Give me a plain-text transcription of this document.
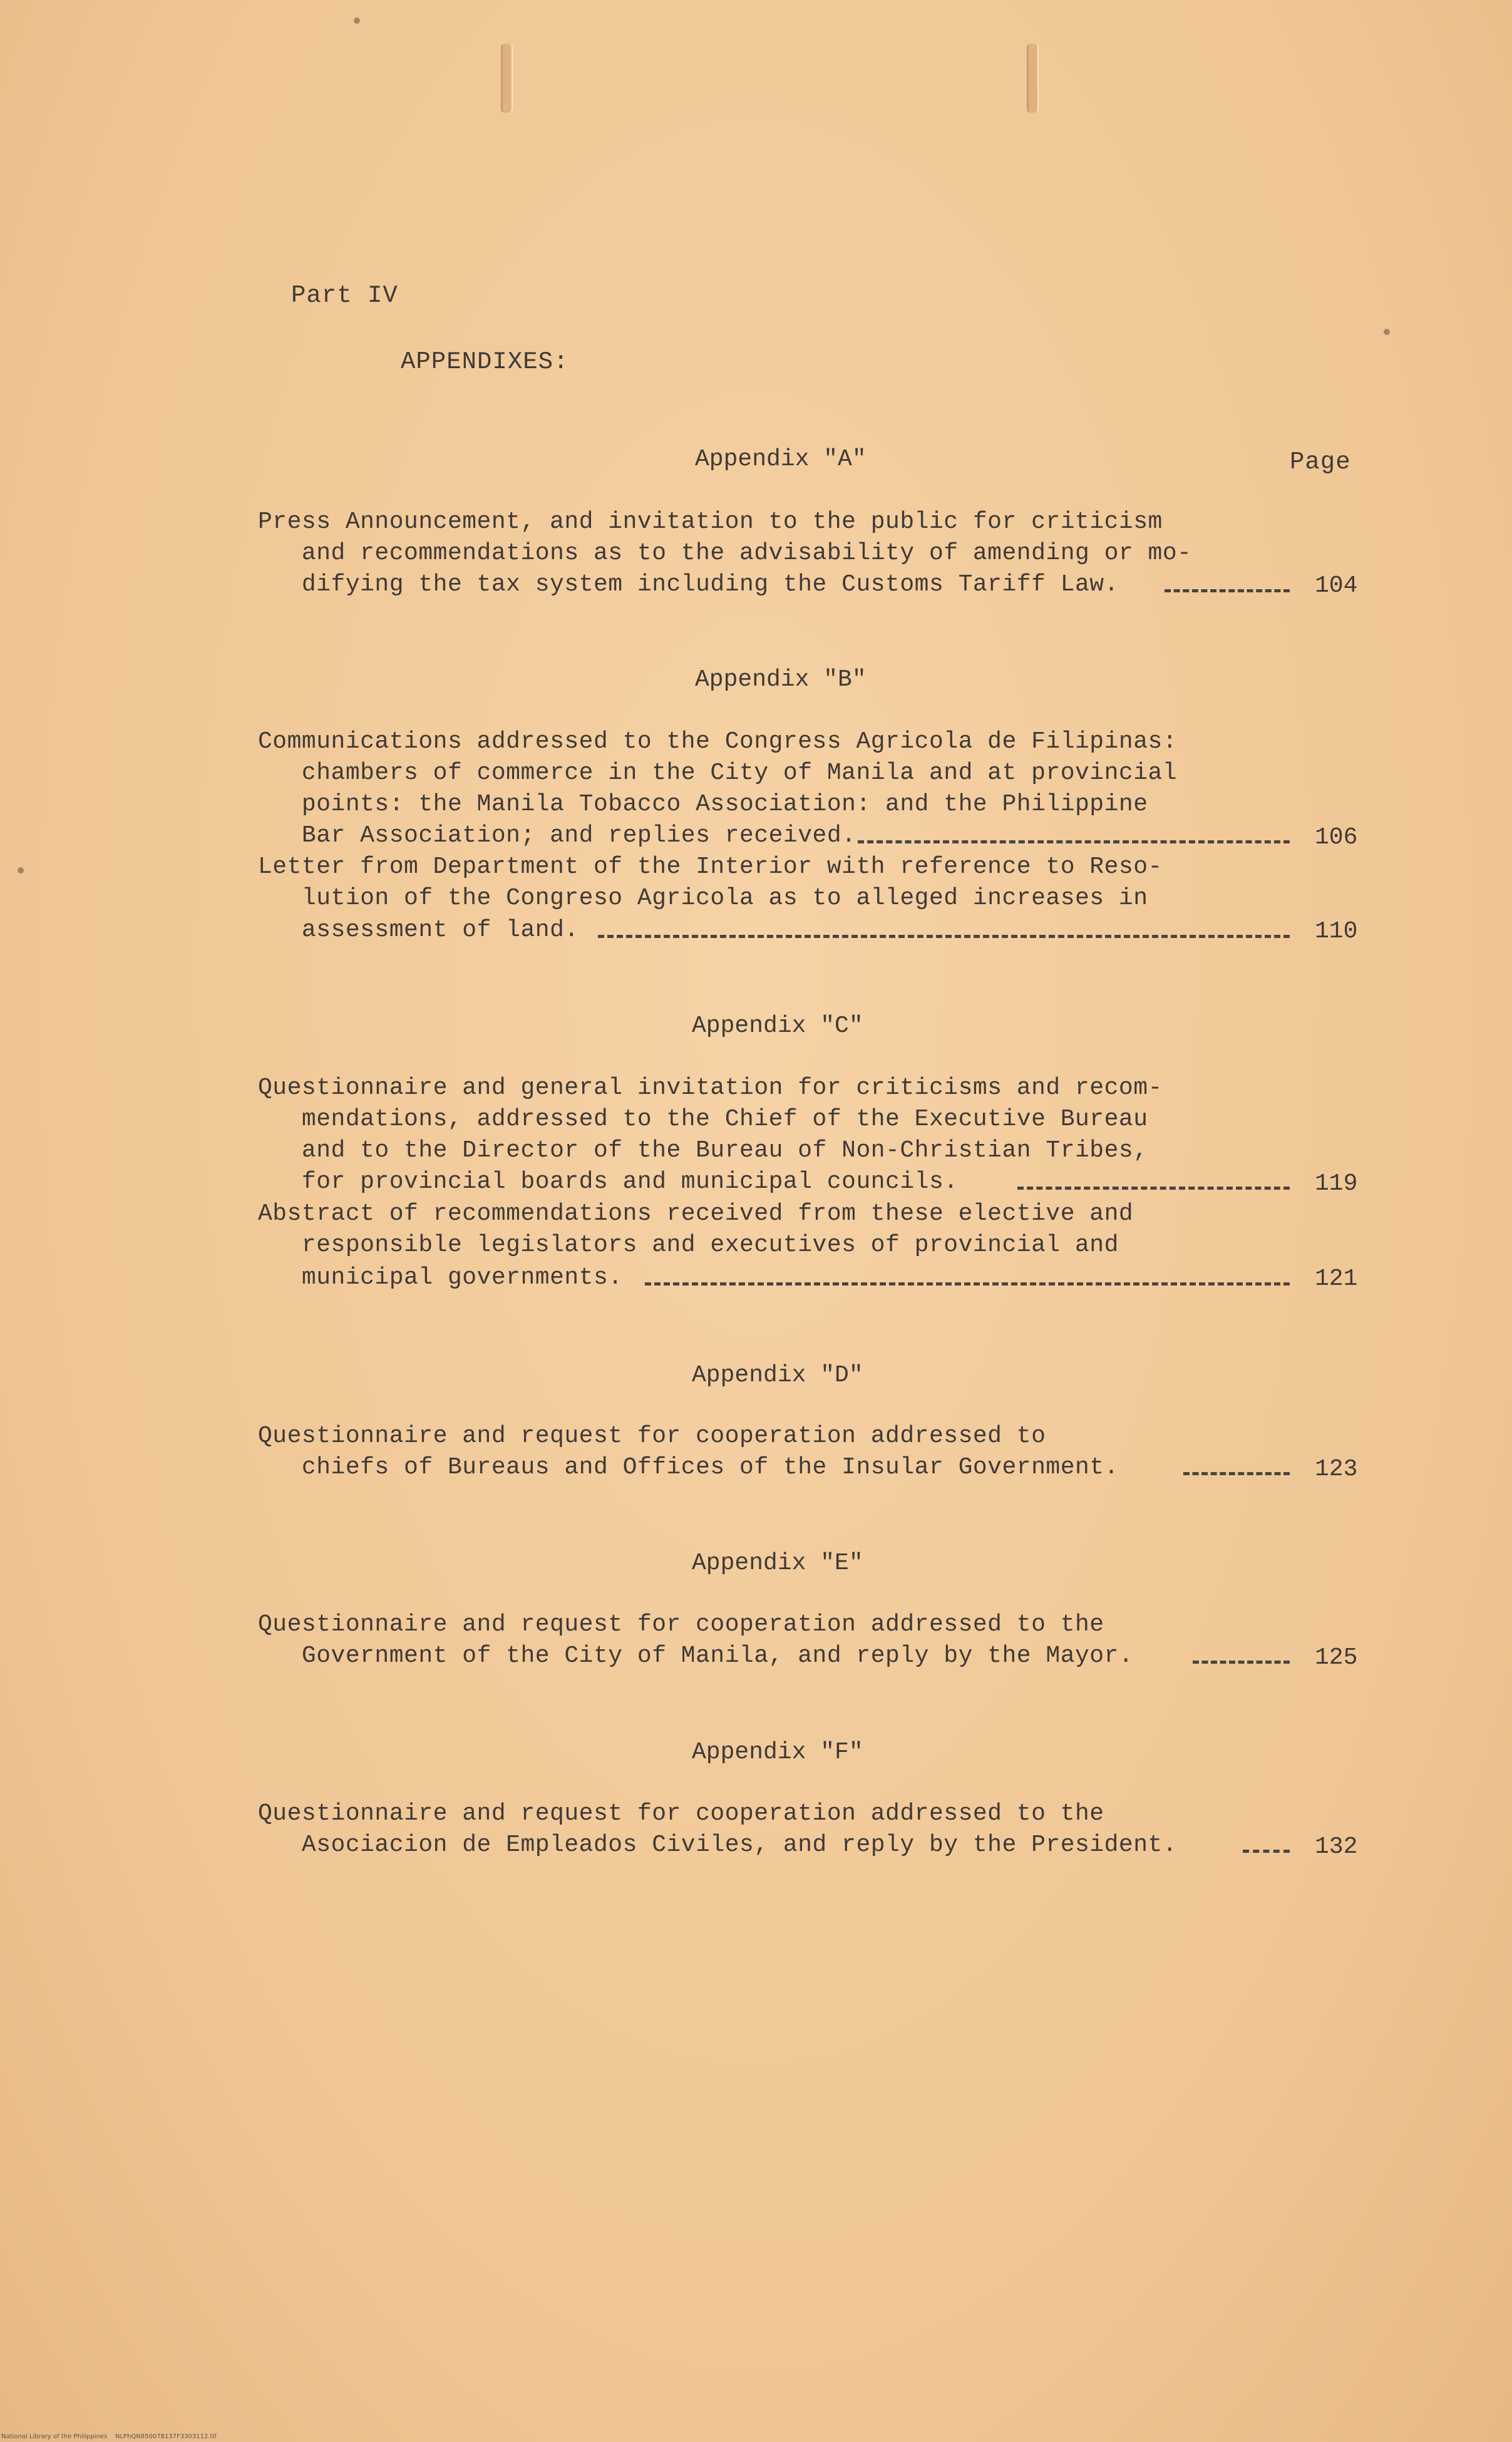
Part IV
APPENDIXES:
Page
Appendix "A"
Press Announcement, and invitation to the public for criticism
and recommendations as to the advisability of amending or mo-
difying the tax system including the Customs Tariff Law.	104
Appendix "B"
Communications addressed to the Congress Agricola de Filipinas:
chambers of commerce in the City of Manila and at provincial
points: the Manila Tobacco Association: and the Philippine
Bar Association; and replies received.	106
Letter from Department of the Interior with reference to Reso-
lution of the Congreso Agricola as to alleged increases in
assessment of land.	110
Appendix "C"
Questionnaire and general invitation for criticisms and recom-
mendations, addressed to the Chief of the Executive Bureau
and to the Director of the Bureau of Non-Christian Tribes,
for provincial boards and municipal councils.	119
Abstract of recommendations received from these elective and
responsible legislators and executives of provincial and
municipal governments.	121
Appendix "D"
Questionnaire and request for cooperation addressed to
chiefs of Bureaus and Offices of the Insular Government.	123
Appendix "E"
Questionnaire and request for cooperation addressed to the
Government of the City of Manila, and reply by the Mayor.	125
Appendix "F"
Questionnaire and request for cooperation addressed to the
Asociacion de Empleados Civiles, and reply by the President.	132
National Library of the Philippines    NLPhQN850078137F3303112.tif
